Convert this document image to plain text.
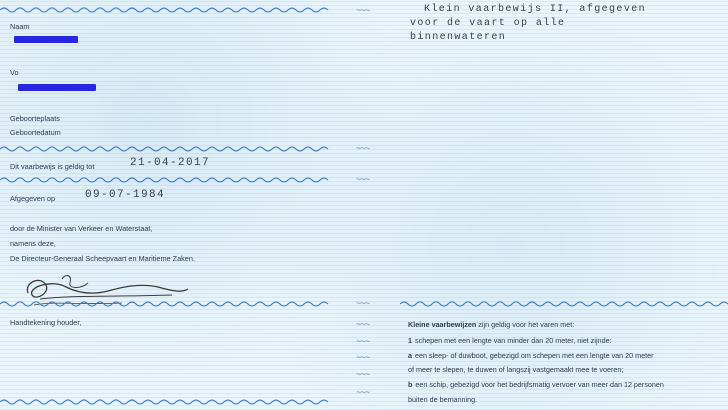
Naam
Vo
Geboorteplaats
Geboortedatum
Dit vaarbewijs is geldig tot	21-04-2017
Afgegeven op	09-07-1984
door de Minister van Verkeer en Waterstaat,
namens deze,
De Directeur-Generaal Scheepvaart en Maritieme Zaken.
Handtekening houder,
~~~
~~~
~~~
~~~
~~~
~~~
~~~
~~~
~~~
Klein vaarbewijs II, afgegeven
voor de vaart op alle
binnenwateren
Kleine vaarbewijzen zijn geldig voor het varen met:
1 schepen met een lengte van minder dan 20 meter, niet zijnde:
a een sleep- of duwboot, gebezigd om schepen met een lengte van 20 meter
of meer te slepen, te duwen of langszij vastgemaakt mee te voeren;
b een schip, gebezigd voor het bedrijfsmatig vervoer van meer dan 12 personen
buiten de bemanning.
